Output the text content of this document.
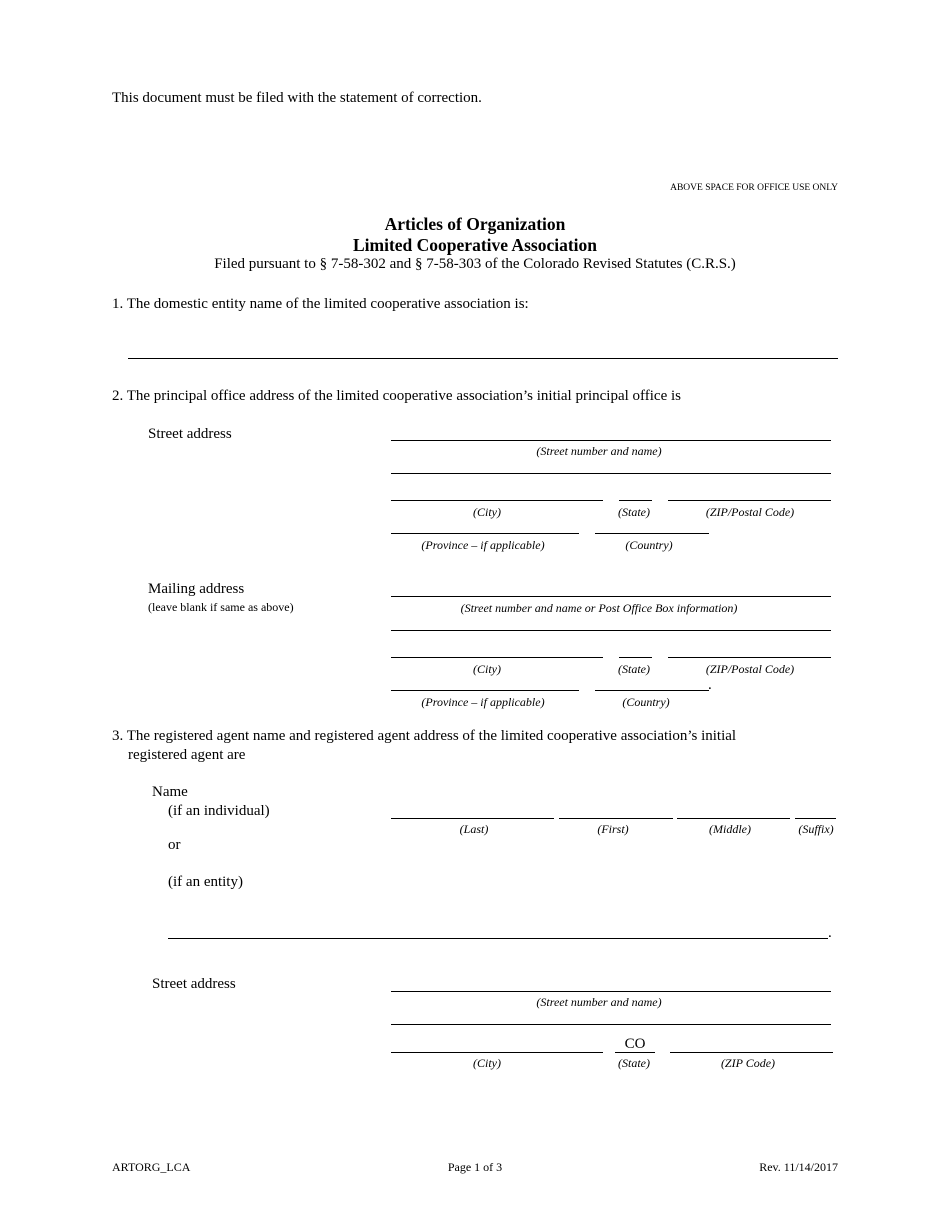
This document must be filed with the statement of correction.
ABOVE SPACE FOR OFFICE USE ONLY
Articles of Organization
Limited Cooperative Association
Filed pursuant to § 7-58-302 and § 7-58-303 of the Colorado Revised Statutes (C.R.S.)
1. The domestic entity name of the limited cooperative association is:
2. The principal office address of the limited cooperative association’s initial principal office is
Street address
(Street number and name)
(City)	(State)	(ZIP/Postal Code)
(Province – if applicable)	(Country)
Mailing address
(leave blank if same as above)	(Street number and name or Post Office Box information)
(City)	(State)	(ZIP/Postal Code)
.
(Province – if applicable)	(Country)
3. The registered agent name and registered agent address of the limited cooperative association’s initial
registered agent are
Name
(if an individual)
(Last)	(First)	(Middle)	(Suffix)
or
(if an entity)
.
Street address
(Street number and name)
CO
(City)	(State)	(ZIP Code)
ARTORG_LCA	Page 1 of 3	Rev. 11/14/2017
